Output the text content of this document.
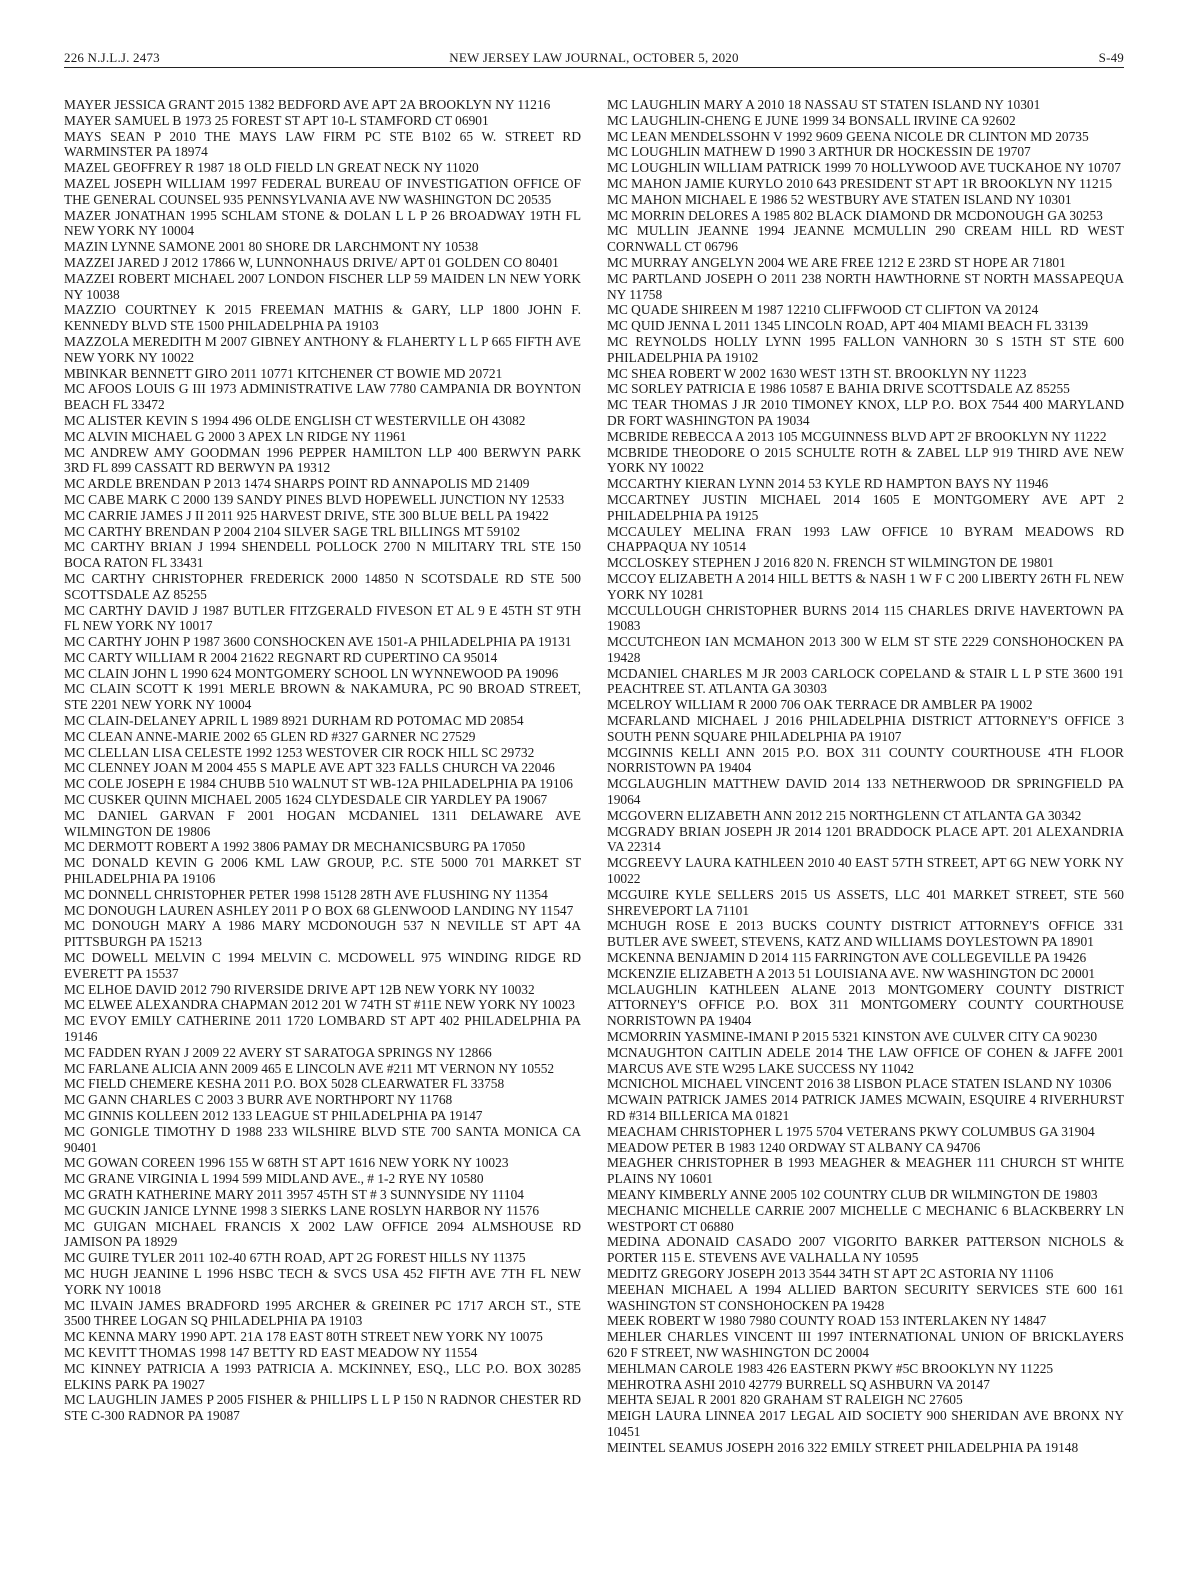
226 N.J.L.J. 2473	NEW JERSEY LAW JOURNAL, OCTOBER 5, 2020	S-49

MAYER JESSICA GRANT 2015 1382 BEDFORD AVE APT 2A BROOKLYN NY 11216

MAYER SAMUEL B 1973 25 FOREST ST APT 10-L STAMFORD CT 06901

MAYS SEAN P 2010 THE MAYS LAW FIRM PC STE B102 65 W. STREET RD WARMINSTER PA 18974

MAZEL GEOFFREY R 1987 18 OLD FIELD LN GREAT NECK NY 11020

MAZEL JOSEPH WILLIAM 1997 FEDERAL BUREAU OF INVESTIGATION OFFICE OF THE GENERAL COUNSEL 935 PENNSYLVANIA AVE NW WASHINGTON DC 20535

MAZER JONATHAN 1995 SCHLAM STONE & DOLAN L L P 26 BROADWAY 19TH FL NEW YORK NY 10004

MAZIN LYNNE SAMONE 2001 80 SHORE DR LARCHMONT NY 10538

MAZZEI JARED J 2012 17866 W, LUNNONHAUS DRIVE/ APT 01 GOLDEN CO 80401

MAZZEI ROBERT MICHAEL 2007 LONDON FISCHER LLP 59 MAIDEN LN NEW YORK NY 10038

MAZZIO COURTNEY K 2015 FREEMAN MATHIS & GARY, LLP 1800 JOHN F. KENNEDY BLVD STE 1500 PHILADELPHIA PA 19103

MAZZOLA MEREDITH M 2007 GIBNEY ANTHONY & FLAHERTY L L P 665 FIFTH AVE NEW YORK NY 10022

MBINKAR BENNETT GIRO 2011 10771 KITCHENER CT BOWIE MD 20721

MC AFOOS LOUIS G III 1973 ADMINISTRATIVE LAW 7780 CAMPANIA DR BOYNTON BEACH FL 33472

MC ALISTER KEVIN S 1994 496 OLDE ENGLISH CT WESTERVILLE OH 43082

MC ALVIN MICHAEL G 2000 3 APEX LN RIDGE NY 11961

MC ANDREW AMY GOODMAN 1996 PEPPER HAMILTON LLP 400 BERWYN PARK 3RD FL 899 CASSATT RD BERWYN PA 19312

MC ARDLE BRENDAN P 2013 1474 SHARPS POINT RD ANNAPOLIS MD 21409

MC CABE MARK C 2000 139 SANDY PINES BLVD HOPEWELL JUNCTION NY 12533

MC CARRIE JAMES J II 2011 925 HARVEST DRIVE, STE 300 BLUE BELL PA 19422

MC CARTHY BRENDAN P 2004 2104 SILVER SAGE TRL BILLINGS MT 59102

MC CARTHY BRIAN J 1994 SHENDELL POLLOCK 2700 N MILITARY TRL STE 150 BOCA RATON FL 33431

MC CARTHY CHRISTOPHER FREDERICK 2000 14850 N SCOTSDALE RD STE 500 SCOTTSDALE AZ 85255

MC CARTHY DAVID J 1987 BUTLER FITZGERALD FIVESON ET AL 9 E 45TH ST 9TH FL NEW YORK NY 10017

MC CARTHY JOHN P 1987 3600 CONSHOCKEN AVE 1501-A PHILADELPHIA PA 19131

MC CARTY WILLIAM R 2004 21622 REGNART RD CUPERTINO CA 95014

MC CLAIN JOHN L 1990 624 MONTGOMERY SCHOOL LN WYNNEWOOD PA 19096

MC CLAIN SCOTT K 1991 MERLE BROWN & NAKAMURA, PC 90 BROAD STREET, STE 2201 NEW YORK NY 10004

MC CLAIN-DELANEY APRIL L 1989 8921 DURHAM RD POTOMAC MD 20854

MC CLEAN ANNE-MARIE 2002 65 GLEN RD #327 GARNER NC 27529

MC CLELLAN LISA CELESTE 1992 1253 WESTOVER CIR ROCK HILL SC 29732

MC CLENNEY JOAN M 2004 455 S MAPLE AVE APT 323 FALLS CHURCH VA 22046

MC COLE JOSEPH E 1984 CHUBB 510 WALNUT ST WB-12A PHILADELPHIA PA 19106

MC CUSKER QUINN MICHAEL 2005 1624 CLYDESDALE CIR YARDLEY PA 19067

MC DANIEL GARVAN F 2001 HOGAN MCDANIEL 1311 DELAWARE AVE WILMINGTON DE 19806

MC DERMOTT ROBERT A 1992 3806 PAMAY DR MECHANICSBURG PA 17050

MC DONALD KEVIN G 2006 KML LAW GROUP, P.C. STE 5000 701 MARKET ST PHILADELPHIA PA 19106

MC DONNELL CHRISTOPHER PETER 1998 15128 28TH AVE FLUSHING NY 11354

MC DONOUGH LAUREN ASHLEY 2011 P O BOX 68 GLENWOOD LANDING NY 11547

MC DONOUGH MARY A 1986 MARY MCDONOUGH 537 N NEVILLE ST APT 4A PITTSBURGH PA 15213

MC DOWELL MELVIN C 1994 MELVIN C. MCDOWELL 975 WINDING RIDGE RD EVERETT PA 15537

MC ELHOE DAVID 2012 790 RIVERSIDE DRIVE APT 12B NEW YORK NY 10032

MC ELWEE ALEXANDRA CHAPMAN 2012 201 W 74TH ST #11E NEW YORK NY 10023

MC EVOY EMILY CATHERINE 2011 1720 LOMBARD ST APT 402 PHILADELPHIA PA 19146

MC FADDEN RYAN J 2009 22 AVERY ST SARATOGA SPRINGS NY 12866

MC FARLANE ALICIA ANN 2009 465 E LINCOLN AVE #211 MT VERNON NY 10552

MC FIELD CHEMERE KESHA 2011 P.O. BOX 5028 CLEARWATER FL 33758

MC GANN CHARLES C 2003 3 BURR AVE NORTHPORT NY 11768

MC GINNIS KOLLEEN 2012 133 LEAGUE ST PHILADELPHIA PA 19147

MC GONIGLE TIMOTHY D 1988 233 WILSHIRE BLVD STE 700 SANTA MONICA CA 90401

MC GOWAN COREEN 1996 155 W 68TH ST APT 1616 NEW YORK NY 10023

MC GRANE VIRGINIA L 1994 599 MIDLAND AVE., # 1-2 RYE NY 10580

MC GRATH KATHERINE MARY 2011 3957 45TH ST # 3 SUNNYSIDE NY 11104

MC GUCKIN JANICE LYNNE 1998 3 SIERKS LANE ROSLYN HARBOR NY 11576

MC GUIGAN MICHAEL FRANCIS X 2002 LAW OFFICE 2094 ALMSHOUSE RD JAMISON PA 18929

MC GUIRE TYLER 2011 102-40 67TH ROAD, APT 2G FOREST HILLS NY 11375

MC HUGH JEANINE L 1996 HSBC TECH & SVCS USA 452 FIFTH AVE 7TH FL NEW YORK NY 10018

MC ILVAIN JAMES BRADFORD 1995 ARCHER & GREINER PC 1717 ARCH ST., STE 3500 THREE LOGAN SQ PHILADELPHIA PA 19103

MC KENNA MARY 1990 APT. 21A 178 EAST 80TH STREET NEW YORK NY 10075

MC KEVITT THOMAS 1998 147 BETTY RD EAST MEADOW NY 11554

MC KINNEY PATRICIA A 1993 PATRICIA A. MCKINNEY, ESQ., LLC P.O. BOX 30285 ELKINS PARK PA 19027

MC LAUGHLIN JAMES P 2005 FISHER & PHILLIPS L L P 150 N RADNOR CHESTER RD STE C-300 RADNOR PA 19087

MC LAUGHLIN MARY A 2010 18 NASSAU ST STATEN ISLAND NY 10301

MC LAUGHLIN-CHENG E JUNE 1999 34 BONSALL IRVINE CA 92602

MC LEAN MENDELSSOHN V 1992 9609 GEENA NICOLE DR CLINTON MD 20735

MC LOUGHLIN MATHEW D 1990 3 ARTHUR DR HOCKESSIN DE 19707

MC LOUGHLIN WILLIAM PATRICK 1999 70 HOLLYWOOD AVE TUCKAHOE NY 10707

MC MAHON JAMIE KURYLO 2010 643 PRESIDENT ST APT 1R BROOKLYN NY 11215

MC MAHON MICHAEL E 1986 52 WESTBURY AVE STATEN ISLAND NY 10301

MC MORRIN DELORES A 1985 802 BLACK DIAMOND DR MCDONOUGH GA 30253

MC MULLIN JEANNE 1994 JEANNE MCMULLIN 290 CREAM HILL RD WEST CORNWALL CT 06796

MC MURRAY ANGELYN 2004 WE ARE FREE 1212 E 23RD ST HOPE AR 71801

MC PARTLAND JOSEPH O 2011 238 NORTH HAWTHORNE ST NORTH MASSAPEQUA NY 11758

MC QUADE SHIREEN M 1987 12210 CLIFFWOOD CT CLIFTON VA 20124

MC QUID JENNA L 2011 1345 LINCOLN ROAD, APT 404 MIAMI BEACH FL 33139

MC REYNOLDS HOLLY LYNN 1995 FALLON VANHORN 30 S 15TH ST STE 600 PHILADELPHIA PA 19102

MC SHEA ROBERT W 2002 1630 WEST 13TH ST. BROOKLYN NY 11223

MC SORLEY PATRICIA E 1986 10587 E BAHIA DRIVE SCOTTSDALE AZ 85255

MC TEAR THOMAS J JR 2010 TIMONEY KNOX, LLP P.O. BOX 7544 400 MARYLAND DR FORT WASHINGTON PA 19034

MCBRIDE REBECCA A 2013 105 MCGUINNESS BLVD APT 2F BROOKLYN NY 11222

MCBRIDE THEODORE O 2015 SCHULTE ROTH & ZABEL LLP 919 THIRD AVE NEW YORK NY 10022

MCCARTHY KIERAN LYNN 2014 53 KYLE RD HAMPTON BAYS NY 11946

MCCARTNEY JUSTIN MICHAEL 2014 1605 E MONTGOMERY AVE APT 2 PHILADELPHIA PA 19125

MCCAULEY MELINA FRAN 1993 LAW OFFICE 10 BYRAM MEADOWS RD CHAPPAQUA NY 10514

MCCLOSKEY STEPHEN J 2016 820 N. FRENCH ST WILMINGTON DE 19801

MCCOY ELIZABETH A 2014 HILL BETTS & NASH 1 W F C 200 LIBERTY 26TH FL NEW YORK NY 10281

MCCULLOUGH CHRISTOPHER BURNS 2014 115 CHARLES DRIVE HAVERTOWN PA 19083

MCCUTCHEON IAN MCMAHON 2013 300 W ELM ST STE 2229 CONSHOHOCKEN PA 19428

MCDANIEL CHARLES M JR 2003 CARLOCK COPELAND & STAIR L L P STE 3600 191 PEACHTREE ST. ATLANTA GA 30303

MCELROY WILLIAM R 2000 706 OAK TERRACE DR AMBLER PA 19002

MCFARLAND MICHAEL J 2016 PHILADELPHIA DISTRICT ATTORNEY'S OFFICE 3 SOUTH PENN SQUARE PHILADELPHIA PA 19107

MCGINNIS KELLI ANN 2015 P.O. BOX 311 COUNTY COURTHOUSE 4TH FLOOR NORRISTOWN PA 19404

MCGLAUGHLIN MATTHEW DAVID 2014 133 NETHERWOOD DR SPRINGFIELD PA 19064

MCGOVERN ELIZABETH ANN 2012 215 NORTHGLENN CT ATLANTA GA 30342

MCGRADY BRIAN JOSEPH JR 2014 1201 BRADDOCK PLACE APT. 201 ALEXANDRIA VA 22314

MCGREEVY LAURA KATHLEEN 2010 40 EAST 57TH STREET, APT 6G NEW YORK NY 10022

MCGUIRE KYLE SELLERS 2015 US ASSETS, LLC 401 MARKET STREET, STE 560 SHREVEPORT LA 71101

MCHUGH ROSE E 2013 BUCKS COUNTY DISTRICT ATTORNEY'S OFFICE 331 BUTLER AVE SWEET, STEVENS, KATZ AND WILLIAMS DOYLESTOWN PA 18901

MCKENNA BENJAMIN D 2014 115 FARRINGTON AVE COLLEGEVILLE PA 19426

MCKENZIE ELIZABETH A 2013 51 LOUISIANA AVE. NW WASHINGTON DC 20001

MCLAUGHLIN KATHLEEN ALANE 2013 MONTGOMERY COUNTY DISTRICT ATTORNEY'S OFFICE P.O. BOX 311 MONTGOMERY COUNTY COURTHOUSE NORRISTOWN PA 19404

MCMORRIN YASMINE-IMANI P 2015 5321 KINSTON AVE CULVER CITY CA 90230

MCNAUGHTON CAITLIN ADELE 2014 THE LAW OFFICE OF COHEN & JAFFE 2001 MARCUS AVE STE W295 LAKE SUCCESS NY 11042

MCNICHOL MICHAEL VINCENT 2016 38 LISBON PLACE STATEN ISLAND NY 10306

MCWAIN PATRICK JAMES 2014 PATRICK JAMES MCWAIN, ESQUIRE 4 RIVERHURST RD #314 BILLERICA MA 01821

MEACHAM CHRISTOPHER L 1975 5704 VETERANS PKWY COLUMBUS GA 31904

MEADOW PETER B 1983 1240 ORDWAY ST ALBANY CA 94706

MEAGHER CHRISTOPHER B 1993 MEAGHER & MEAGHER 111 CHURCH ST WHITE PLAINS NY 10601

MEANY KIMBERLY ANNE 2005 102 COUNTRY CLUB DR WILMINGTON DE 19803

MECHANIC MICHELLE CARRIE 2007 MICHELLE C MECHANIC 6 BLACKBERRY LN WESTPORT CT 06880

MEDINA ADONAID CASADO 2007 VIGORITO BARKER PATTERSON NICHOLS & PORTER 115 E. STEVENS AVE VALHALLA NY 10595

MEDITZ GREGORY JOSEPH 2013 3544 34TH ST APT 2C ASTORIA NY 11106

MEEHAN MICHAEL A 1994 ALLIED BARTON SECURITY SERVICES STE 600 161 WASHINGTON ST CONSHOHOCKEN PA 19428

MEEK ROBERT W 1980 7980 COUNTY ROAD 153 INTERLAKEN NY 14847

MEHLER CHARLES VINCENT III 1997 INTERNATIONAL UNION OF BRICKLAYERS 620 F STREET, NW WASHINGTON DC 20004

MEHLMAN CAROLE 1983 426 EASTERN PKWY #5C BROOKLYN NY 11225

MEHROTRA ASHI 2010 42779 BURRELL SQ ASHBURN VA 20147

MEHTA SEJAL R 2001 820 GRAHAM ST RALEIGH NC 27605

MEIGH LAURA LINNEA 2017 LEGAL AID SOCIETY 900 SHERIDAN AVE BRONX NY 10451

MEINTEL SEAMUS JOSEPH 2016 322 EMILY STREET PHILADELPHIA PA 19148
